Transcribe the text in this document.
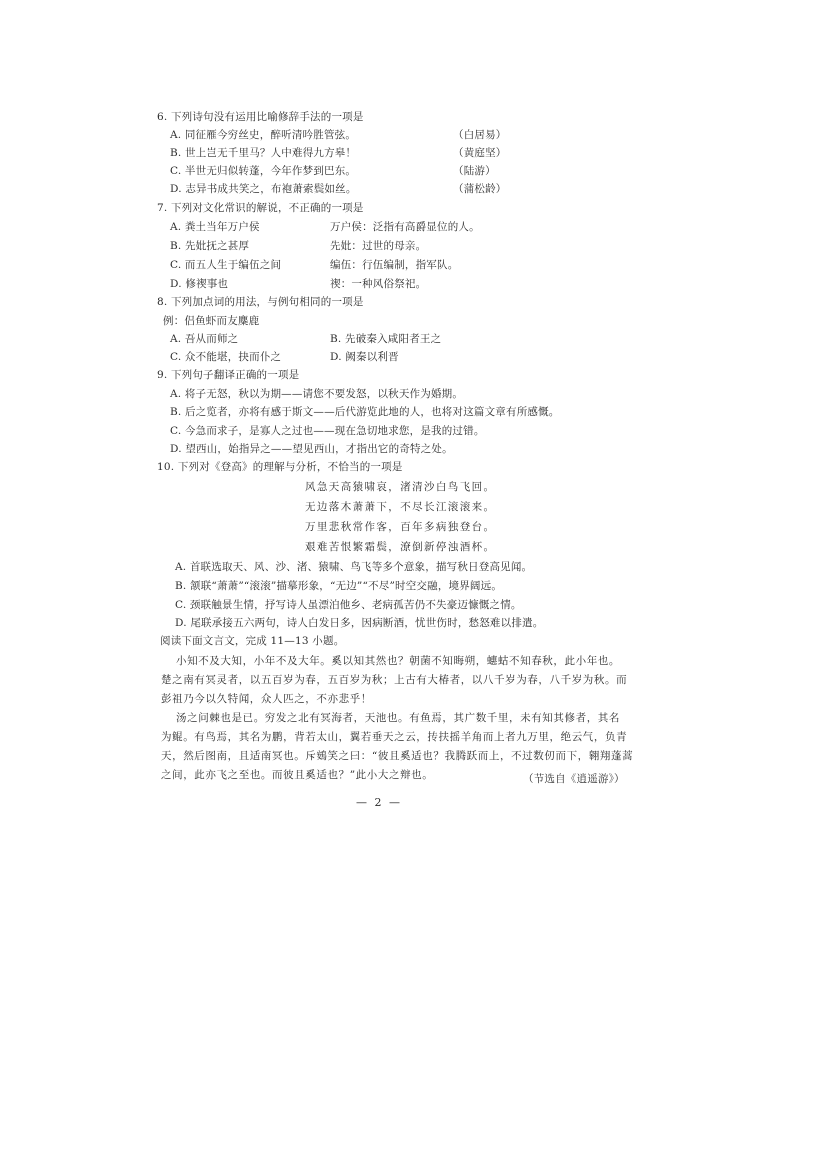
6. 下列诗句没有运用比喻修辞手法的一项是
A. 同征雁今穷丝史，醉听清吟胜管弦。	（白居易）
B. 世上岂无千里马？人中难得九方皋！	（黄庭坚）
C. 半世无归似转蓬，今年作梦到巴东。	（陆游）
D. 志异书成共笑之，布袍萧索鬓如丝。	（蒲松龄）
7. 下列对文化常识的解说，不正确的一项是
A. 粪土当年万户侯	万户侯：泛指有高爵显位的人。
B. 先妣抚之甚厚	先妣：过世的母亲。
C. 而五人生于编伍之间	编伍：行伍编制，指军队。
D. 修禊事也	禊：一种风俗祭祀。
8. 下列加点词的用法，与例句相同的一项是
例：侣鱼虾而友麋鹿
A. 吾从而师之	B. 先破秦入咸阳者王之
C. 众不能堪，抉而仆之	D. 阙秦以利晋
9. 下列句子翻译正确的一项是
A. 将子无怒，秋以为期——请您不要发怒，以秋天作为婚期。
B. 后之览者，亦将有感于斯文——后代游览此地的人，也将对这篇文章有所感慨。
C. 今急而求子，是寡人之过也——现在急切地求您，是我的过错。
D. 望西山，始指异之——望见西山，才指出它的奇特之处。
10. 下列对《登高》的理解与分析，不恰当的一项是
风急天高猿啸哀，渚清沙白鸟飞回。
无边落木萧萧下，不尽长江滚滚来。
万里悲秋常作客，百年多病独登台。
艰难苦恨繁霜鬓，潦倒新停浊酒杯。
A. 首联选取天、风、沙、渚、猿啸、鸟飞等多个意象，描写秋日登高见闻。
B. 颔联“萧萧”“滚滚”描摹形象，“无边”“不尽”时空交融，境界阔远。
C. 颈联触景生情，抒写诗人虽漂泊他乡、老病孤苦仍不失豪迈慷慨之情。
D. 尾联承接五六两句，诗人白发日多，因病断酒，忧世伤时，愁怒难以排遣。
阅读下面文言文，完成 11—13 小题。
小知不及大知，小年不及大年。奚以知其然也？朝菌不知晦朔，蟪蛄不知春秋，此小年也。
楚之南有冥灵者，以五百岁为春，五百岁为秋；上古有大椿者，以八千岁为春，八千岁为秋。而
彭祖乃今以久特闻，众人匹之，不亦悲乎！
汤之问棘也是已。穷发之北有冥海者，天池也。有鱼焉，其广数千里，未有知其修者，其名
为鲲。有鸟焉，其名为鹏，背若太山，翼若垂天之云，抟扶摇羊角而上者九万里，绝云气，负青
天，然后图南，且适南冥也。斥鴳笑之曰：“彼且奚适也？我腾跃而上，不过数仞而下，翱翔蓬蒿
之间，此亦飞之至也。而彼且奚适也？”此小大之辩也。	（节选自《逍遥游》）
— 2 —
